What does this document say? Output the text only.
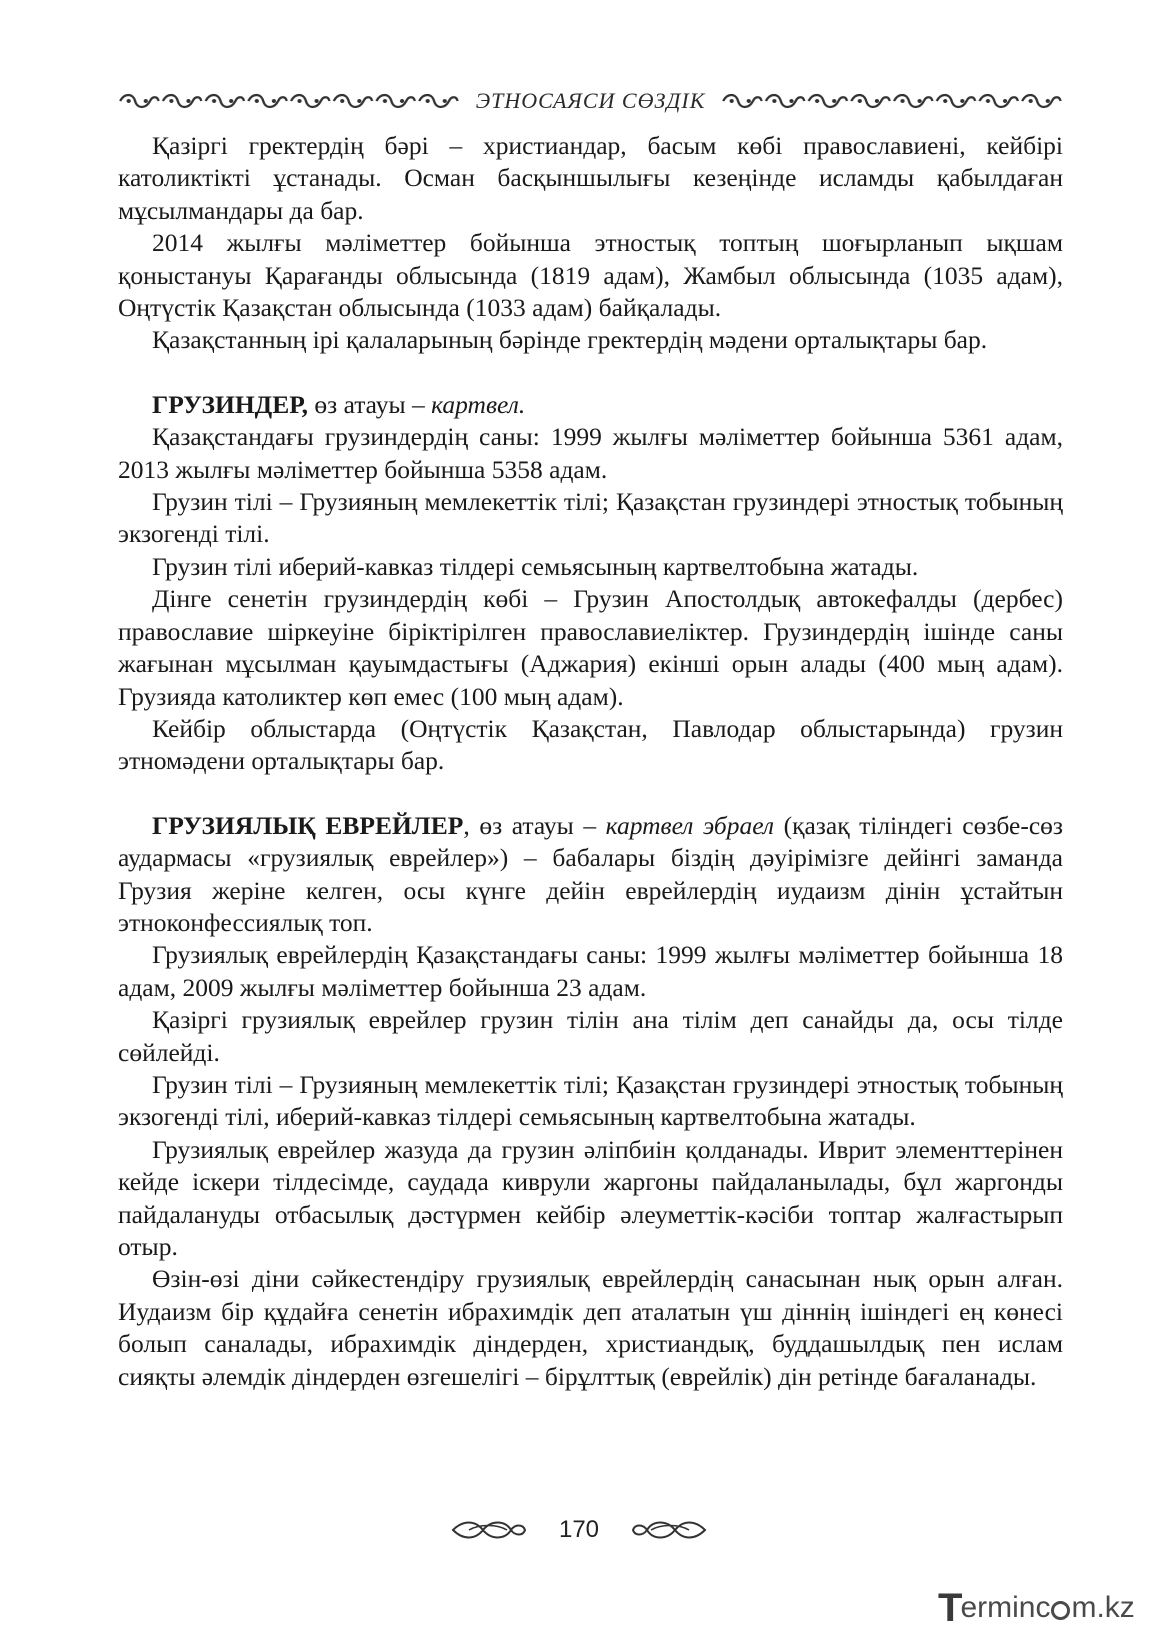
ЭТНОСАЯСИ СӨЗДІК

Қазіргі гректердің бәрі – христиандар, басым көбі православиені, кейбірі католиктікті ұстанады. Осман басқыншылығы кезеңінде исламды қабылдаған мұсылмандары да бар.

2014 жылғы мәліметтер бойынша этностық топтың шоғырланып ықшам қоныстануы Қарағанды облысында (1819 адам), Жамбыл облысында (1035 адам), Оңтүстік Қазақстан облысында (1033 адам) байқалады.

Қазақстанның ірі қалаларының бәрінде гректердің мәдени орталықтары бар.

ГРУЗИНДЕР, өз атауы – картвел.

Қазақстандағы грузиндердің саны: 1999 жылғы мәліметтер бойынша 5361 адам, 2013 жылғы мәліметтер бойынша 5358 адам.

Грузин тілі – Грузияның мемлекеттік тілі; Қазақстан грузиндері этностық тобының экзогенді тілі.

Грузин тілі иберий-кавказ тілдері семьясының картвелтобына жатады.

Дінге сенетін грузиндердің көбі – Грузин Апостолдық автокефалды (дербес) православие шіркеуіне біріктірілген православиеліктер. Грузиндердің ішінде саны жағынан мұсылман қауымдастығы (Аджария) екінші орын алады (400 мың адам). Грузияда католиктер көп емес (100 мың адам).

Кейбір облыстарда (Оңтүстік Қазақстан, Павлодар облыстарында) грузин этномәдени орталықтары бар.

ГРУЗИЯЛЫҚ ЕВРЕЙЛЕР, өз атауы – картвел эбраел (қазақ тіліндегі сөзбе-сөз аудармасы «грузиялық еврейлер») – бабалары біздің дәуірімізге дейінгі заманда Грузия жеріне келген, осы күнге дейін еврейлердің иудаизм дінін ұстайтын этноконфессиялық топ.

Грузиялық еврейлердің Қазақстандағы саны: 1999 жылғы мәліметтер бойынша 18 адам, 2009 жылғы мәліметтер бойынша 23 адам.

Қазіргі грузиялық еврейлер грузин тілін ана тілім деп санайды да, осы тілде сөйлейді.

Грузин тілі – Грузияның мемлекеттік тілі; Қазақстан грузиндері этностық тобының экзогенді тілі, иберий-кавказ тілдері семьясының картвелтобына жатады.

Грузиялық еврейлер жазуда да грузин әліпбиін қолданады. Иврит элементтерінен кейде іскери тілдесімде, саудада киврули жаргоны пайдаланылады, бұл жаргонды пайдалануды отбасылық дәстүрмен кейбір әлеуметтік-кәсіби топтар жалғастырып отыр.

Өзін-өзі діни сәйкестендіру грузиялық еврейлердің санасынан нық орын алған. Иудаизм бір құдайға сенетін ибрахимдік деп аталатын үш діннің ішіндегі ең көнесі болып саналады, ибрахимдік діндерден, христиандық, буддашылдық пен ислам сияқты әлемдік діндерден өзгешелігі – бірұлттық (еврейлік) дін ретінде бағаланады.

170
T
erminc m.kz
